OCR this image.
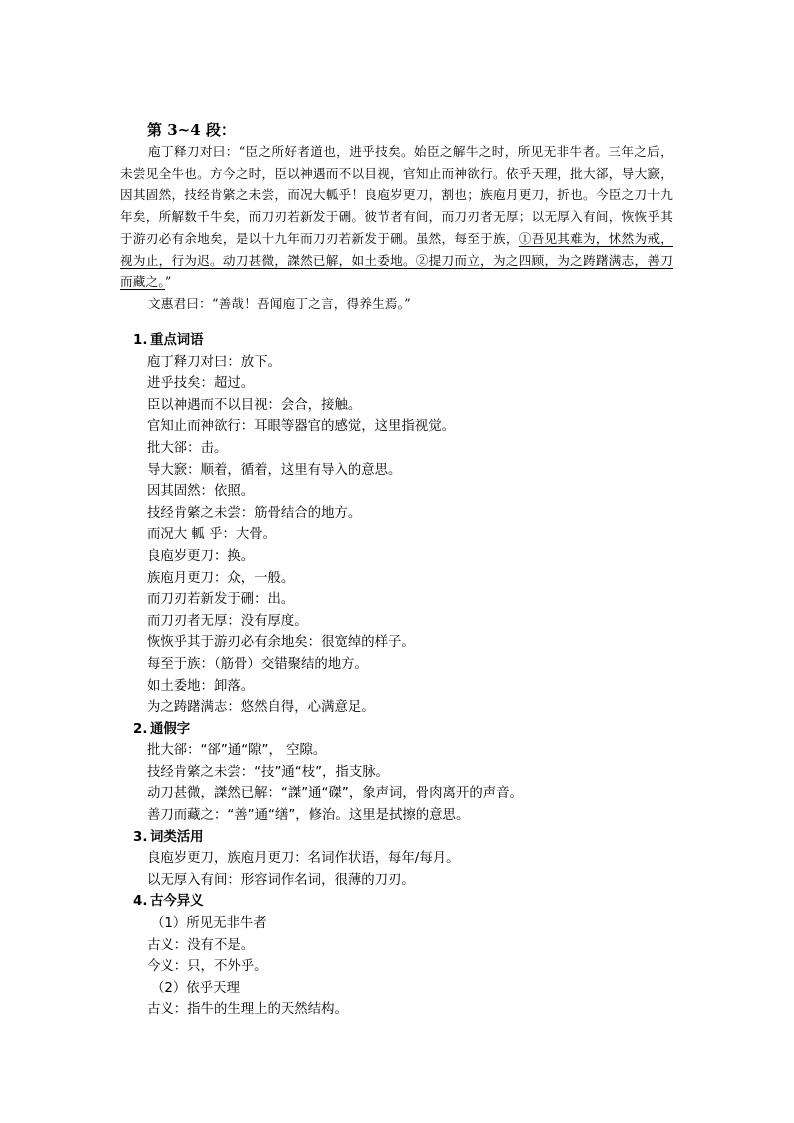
第 3~4 段：

庖丁释刀对曰：“臣之所好者道也，进乎技矣。始臣之解牛之时，所见无非牛者。三年之后，未尝见全牛也。方今之时，臣以神遇而不以目视，官知止而神欲行。依乎天理，批大郤，导大窾，因其固然，技经肯綮之未尝，而况大軱乎！良庖岁更刀，割也；族庖月更刀，折也。今臣之刀十九年矣，所解数千牛矣，而刀刃若新发于硎。彼节者有间，而刀刃者无厚；以无厚入有间，恢恢乎其于游刃必有余地矣，是以十九年而刀刃若新发于硎。虽然，每至于族，①吾见其难为，怵然为戒，视为止，行为迟。动刀甚微，謋然已解，如土委地。②提刀而立，为之四顾，为之踌躇满志，善刀而藏之。”

文惠君曰：“善哉！吾闻庖丁之言，得养生焉。”

1. 重点词语
庖丁释刀对曰：放下。
进乎技矣：超过。
臣以神遇而不以目视：会合，接触。
官知止而神欲行：耳眼等器官的感觉，这里指视觉。
批大郤：击。
导大窾：顺着，循着，这里有导入的意思。
因其固然：依照。
技经肯綮之未尝：筋骨结合的地方。
而况大 軱 乎：大骨。
良庖岁更刀：换。
族庖月更刀：众，一般。
而刀刃若新发于硎：出。
而刀刃者无厚：没有厚度。
恢恢乎其于游刃必有余地矣：很宽绰的样子。
每至于族：（筋骨）交错聚结的地方。
如土委地：卸落。
为之踌躇满志：悠然自得，心满意足。
2. 通假字
批大郤：“郤”通“隙”， 空隙。
技经肯綮之未尝：“技”通“枝”，指支脉。
动刀甚微，謋然已解：“謋”通“磔”，象声词，骨肉离开的声音。
善刀而藏之：“善”通“缮”，修治。这里是拭擦的意思。
3. 词类活用
良庖岁更刀，族庖月更刀：名词作状语，每年/每月。
以无厚入有间：形容词作名词，很薄的刀刃。
4. 古今异义
（1）所见无非牛者
古义：没有不是。
今义：只，不外乎。
（2）依乎天理
古义：指牛的生理上的天然结构。
